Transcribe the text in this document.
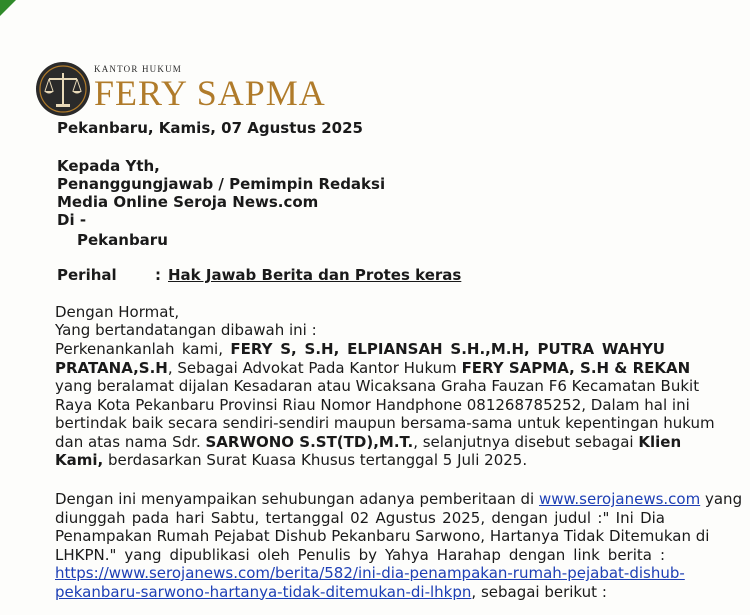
KANTOR HUKUM
FERY SAPMA
Pekanbaru, Kamis, 07 Agustus 2025
Kepada Yth,
Penanggungjawab / Pemimpin Redaksi
Media Online Seroja News.com
Di -
Pekanbaru
Perihal	: Hak Jawab Berita dan Protes keras
Dengan Hormat,
Yang bertandatangan dibawah ini :
Perkenankanlah kami, FERY S, S.H, ELPIANSAH S.H.,M.H, PUTRA WAHYU
PRATANA,S.H, Sebagai Advokat Pada Kantor Hukum FERY SAPMA, S.H & REKAN
yang beralamat dijalan Kesadaran atau Wicaksana Graha Fauzan F6 Kecamatan Bukit
Raya Kota Pekanbaru Provinsi Riau Nomor Handphone 081268785252, Dalam hal ini
bertindak baik secara sendiri-sendiri maupun bersama-sama untuk kepentingan hukum
dan atas nama Sdr. SARWONO S.ST(TD),M.T., selanjutnya disebut sebagai Klien
Kami, berdasarkan Surat Kuasa Khusus tertanggal 5 Juli 2025.
Dengan ini menyampaikan sehubungan adanya pemberitaan di www.serojanews.com yang
diunggah pada hari Sabtu, tertanggal 02 Agustus 2025, dengan judul :" Ini Dia
Penampakan Rumah Pejabat Dishub Pekanbaru Sarwono, Hartanya Tidak Ditemukan di
LHKPN." yang dipublikasi oleh Penulis by Yahya Harahap dengan link berita :
https://www.serojanews.com/berita/582/ini-dia-penampakan-rumah-pejabat-dishub-
pekanbaru-sarwono-hartanya-tidak-ditemukan-di-lhkpn, sebagai berikut :
